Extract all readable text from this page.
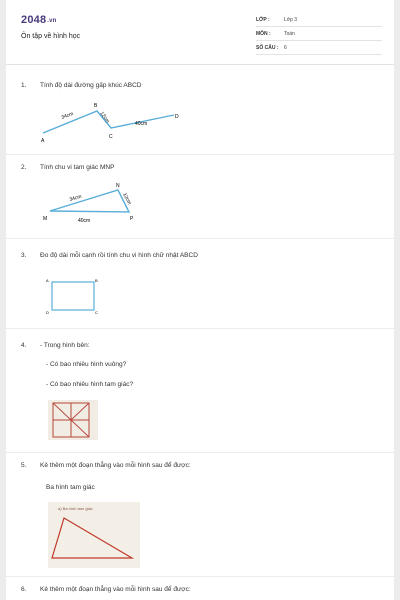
2048.vn
Ôn tập về hình học
LỚP :	Lớp 3
MÔN :	Toán
SỐ CÂU : 6
1. Tính độ dài đường gấp khúc ABCD
A
B
C
D
34cm	12cm	40cm
2. Tính chu vi tam giác MNP
M
N
P
34cm	12cm
40cm
3. Đo độ dài mỗi cạnh rồi tính chu vi hình chữ nhật ABCD
A	B
C
D
4. - Trong hình bên:
- Có bao nhiêu hình vuông?
- Có bao nhiêu hình tam giác?
5. Kẻ thêm một đoạn thẳng vào mỗi hình sau để được:
Ba hình tam giác
a) Ba hình tam giác
6. Kẻ thêm một đoạn thẳng vào mỗi hình sau để được:
